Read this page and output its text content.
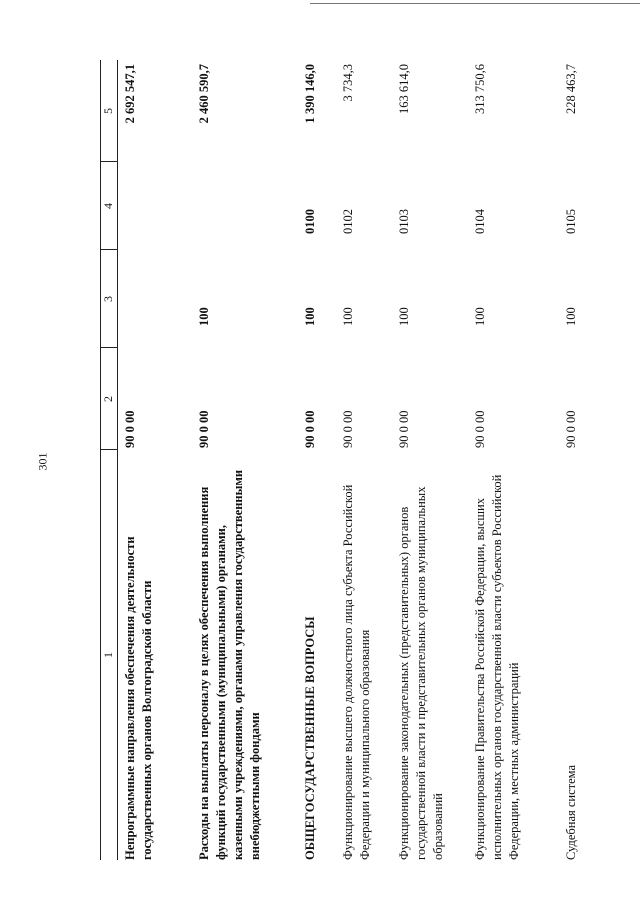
301
1
2
3
4
5
Непрограммные направления обеспечения деятельности государственных органов Волгоградской области
90 0 00
2 692 547,1
Расходы на выплаты персоналу в целях обеспечения выполнения функций государственными (муниципальными) органами, казенными учреждениями, органами управления государственными внебюджетными фондами
90 0 00
100
2 460 590,7
ОБЩЕГОСУДАРСТВЕННЫЕ ВОПРОСЫ
90 0 00
100
0100
1 390 146,0
Функционирование высшего должностного лица субъекта Российской Федерации и муниципального образования
90 0 00
100
0102
3 734,3
Функционирование законодательных (представительных) органов государственной власти и представительных органов муниципальных образований
90 0 00
100
0103
163 614,0
Функционирование Правительства Российской Федерации, высших исполнительных органов государственной власти субъектов Российской Федерации, местных администраций
90 0 00
100
0104
313 750,6
Судебная система
90 0 00
100
0105
228 463,7
